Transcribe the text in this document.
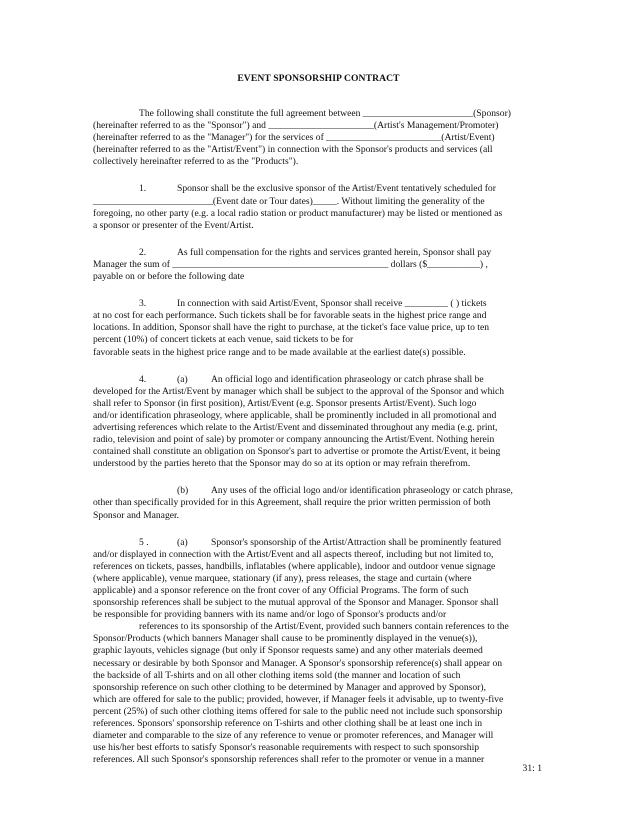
EVENT SPONSORSHIP CONTRACT
The following shall constitute the full agreement between _______________________(Sponsor)
(hereinafter referred to as the "Sponsor") and ______________________(Artist's Management/Promoter)
(hereinafter referred to as the "Manager") for the services of ________________________(Artist/Event)
(hereinafter referred to as the "Artist/Event") in connection with the Sponsor's products and services (all
collectively hereinafter referred to as the "Products").
1.	Sponsor shall be the exclusive sponsor of the Artist/Event tentatively scheduled for
_________________________(Event date or Tour dates)_____. Without limiting the generality of the
foregoing, no other party (e.g. a local radio station or product manufacturer) may be listed or mentioned as
a sponsor or presenter of the Event/Artist.
2.	As full compensation for the rights and services granted herein, Sponsor shall pay
Manager the sum of _____________________________________________ dollars ($___________) ,
payable on or before the following date
3.	In connection with said Artist/Event, Sponsor shall receive _________ ( ) tickets
at no cost for each performance. Such tickets shall be for favorable seats in the highest price range and
locations. In addition, Sponsor shall have the right to purchase, at the ticket's face value price, up to ten
percent (10%) of concert tickets at each venue, said tickets to be for
favorable seats in the highest price range and to be made available at the earliest date(s) possible.
4.	(a) An official logo and identification phraseology or catch phrase shall be
developed for the Artist/Event by manager which shall be subject to the approval of the Sponsor and which
shall refer to Sponsor (in first position), Artist/Event (e.g. Sponsor presents Artist/Event). Such logo
and/or identification phraseology, where applicable, shall be prominently included in all promotional and
advertising references which relate to the Artist/Event and disseminated throughout any media (e.g. print,
radio, television and point of sale) by promoter or company announcing the Artist/Event. Nothing herein
contained shall constitute an obligation on Sponsor's part to advertise or promote the Artist/Event, it being
understood by the parties hereto that the Sponsor may do so at its option or may refrain therefrom.
(b) Any uses of the official logo and/or identification phraseology or catch phrase,
other than specifically provided for in this Agreement, shall require the prior written permission of both
Sponsor and Manager.
5 .	(a) Sponsor's sponsorship of the Artist/Attraction shall be prominently featured
and/or displayed in connection with the Artist/Event and all aspects thereof, including but not limited to,
references on tickets, passes, handbills, inflatables (where applicable), indoor and outdoor venue signage
(where applicable), venue marquee, stationary (if any), press releases, the stage and curtain (where
applicable) and a sponsor reference on the front cover of any Official Programs. The form of such
sponsorship references shall be subject to the mutual approval of the Sponsor and Manager. Sponsor shall
be responsible for providing banners with its name and/or logo of Sponsor's products and/or
references to its sponsorship of the Artist/Event, provided such banners contain references to the
Sponsor/Products (which banners Manager shall cause to be prominently displayed in the venue(s)),
graphic layouts, vehicles signage (but only if Sponsor requests same) and any other materials deemed
necessary or desirable by both Sponsor and Manager. A Sponsor's sponsorship reference(s) shall appear on
the backside of all T-shirts and on all other clothing items sold (the manner and location of such
sponsorship reference on such other clothing to be determined by Manager and approved by Sponsor),
which are offered for sale to the public; provided, however, if Manager feels it advisable, up to twenty-five
percent (25%) of such other clothing items offered for sale to the public need not include such sponsorship
references. Sponsors' sponsorship reference on T-shirts and other clothing shall be at least one inch in
diameter and comparable to the size of any reference to venue or promoter references, and Manager will
use his/her best efforts to satisfy Sponsor's reasonable requirements with respect to such sponsorship
references. All such Sponsor's sponsorship references shall refer to the promoter or venue in a manner
31: 1
